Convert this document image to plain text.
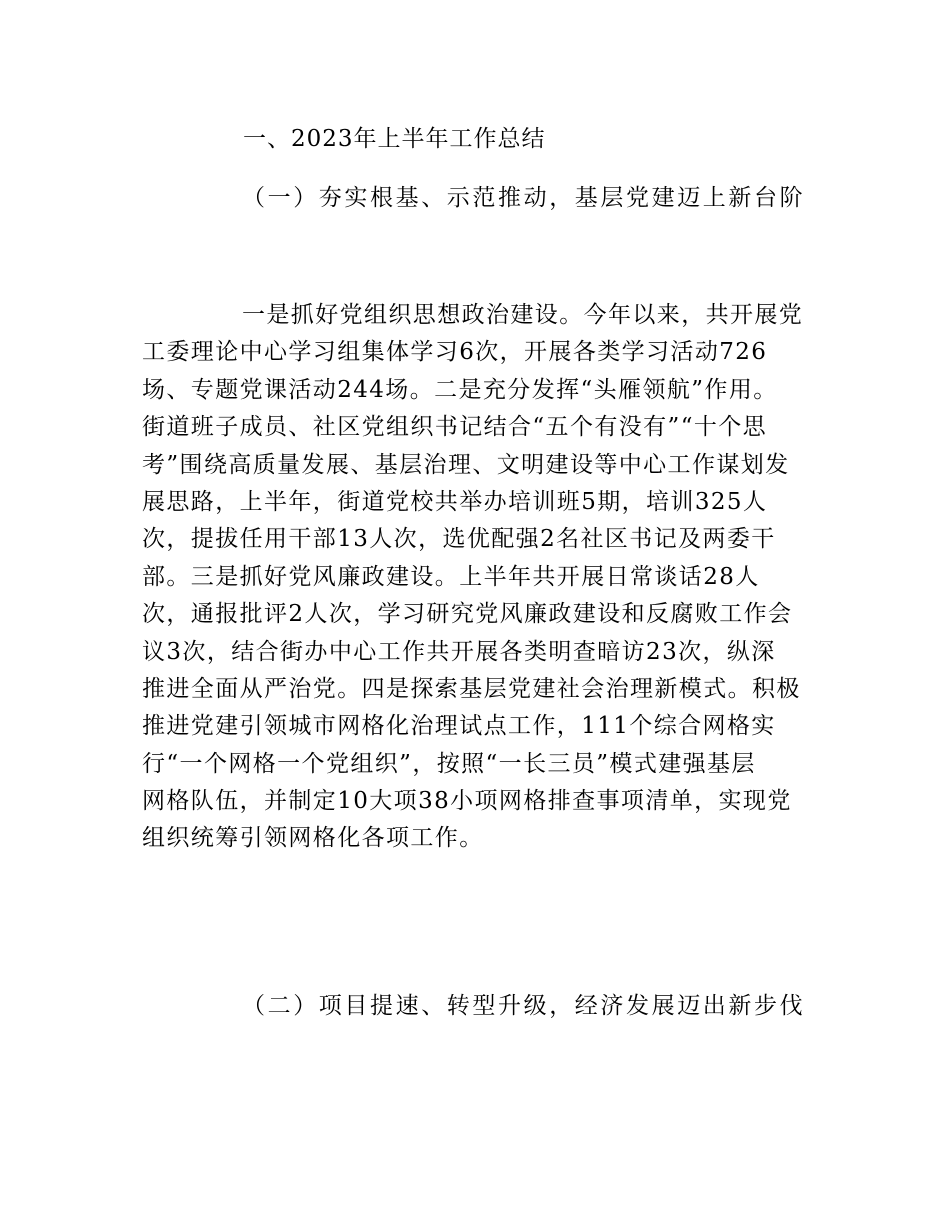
一、2023年上半年工作总结
（一）夯实根基、示范推动，基层党建迈上新台阶
一是抓好党组织思想政治建设。今年以来，共开展党
工委理论中心学习组集体学习6次，开展各类学习活动726
场、专题党课活动244场。二是充分发挥“头雁领航”作用。
街道班子成员、社区党组织书记结合“五个有没有”“十个思
考”围绕高质量发展、基层治理、文明建设等中心工作谋划发
展思路，上半年，街道党校共举办培训班5期，培训325人
次，提拔任用干部13人次，选优配强2名社区书记及两委干
部。三是抓好党风廉政建设。上半年共开展日常谈话28人
次，通报批评2人次，学习研究党风廉政建设和反腐败工作会
议3次，结合街办中心工作共开展各类明查暗访23次，纵深
推进全面从严治党。四是探索基层党建社会治理新模式。积极
推进党建引领城市网格化治理试点工作，111个综合网格实
行“一个网格一个党组织”，按照“一长三员”模式建强基层
网格队伍，并制定10大项38小项网格排查事项清单，实现党
组织统筹引领网格化各项工作。
（二）项目提速、转型升级，经济发展迈出新步伐
